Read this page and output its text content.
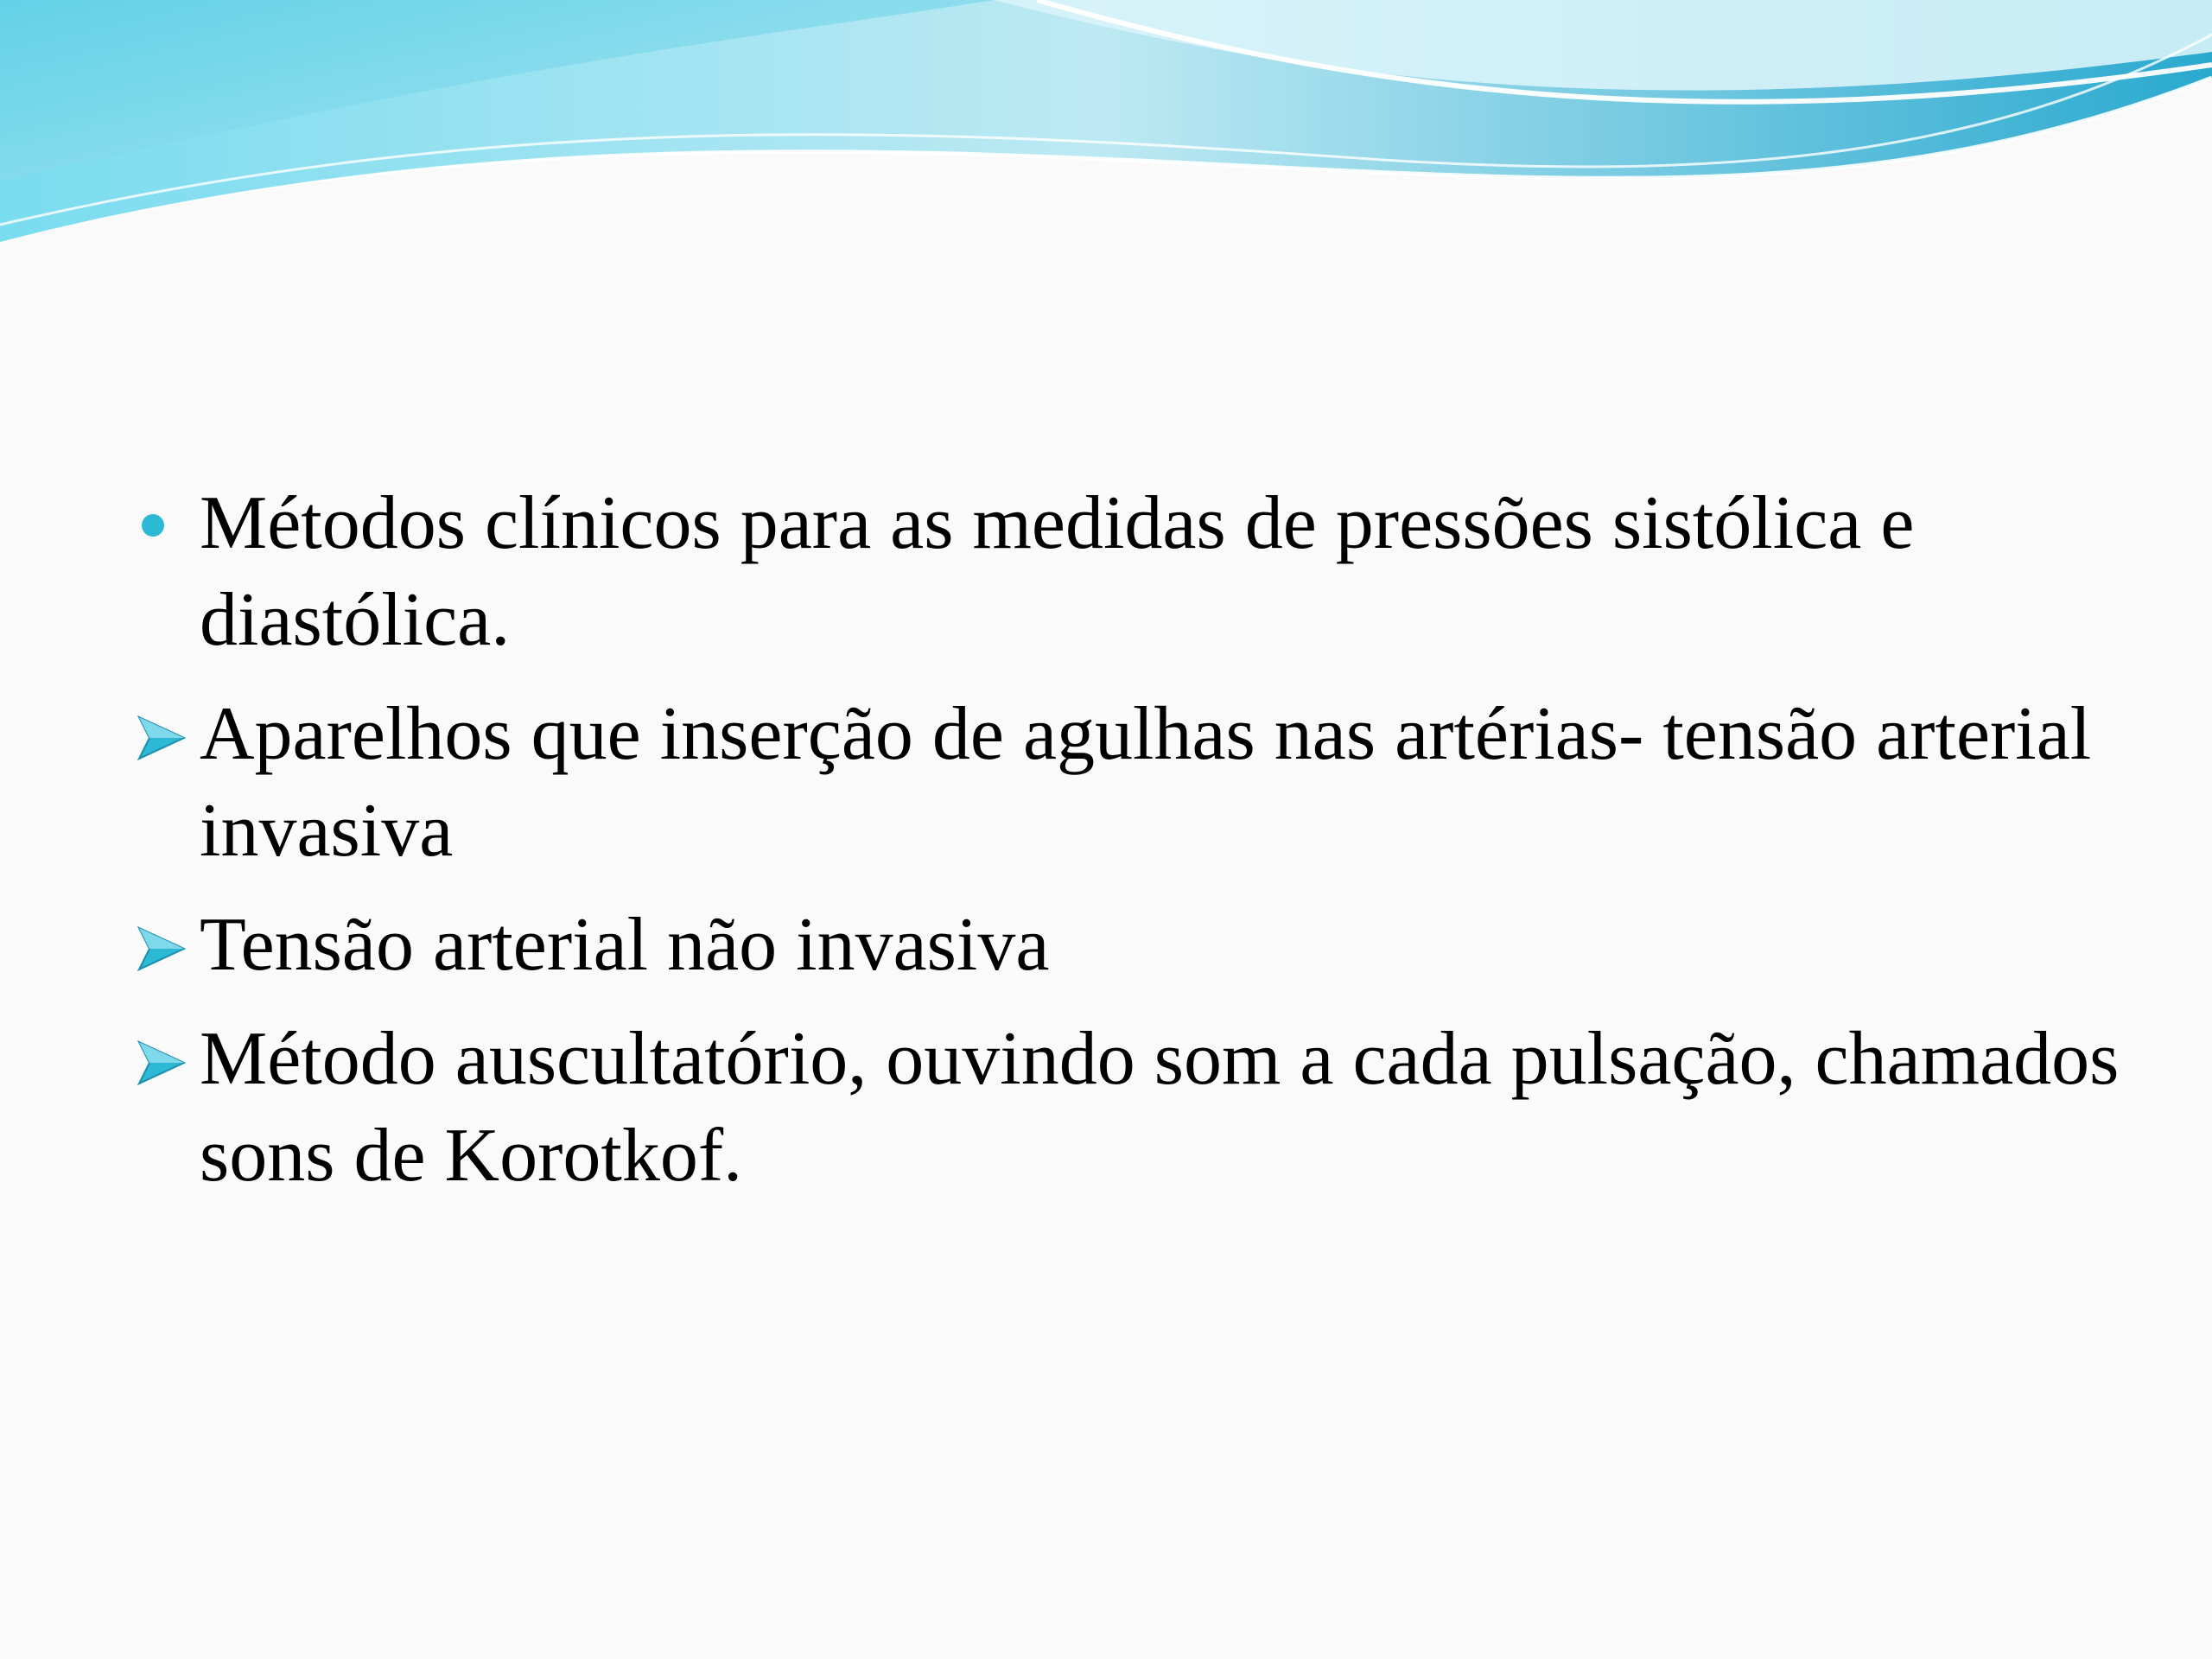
Métodos clínicos para as medidas de pressões sistólica e diastólica.
Aparelhos que inserção de agulhas nas artérias- tensão arterial invasiva
Tensão arterial não invasiva
Método auscultatório, ouvindo som a cada pulsação, chamados sons de Korotkof.
